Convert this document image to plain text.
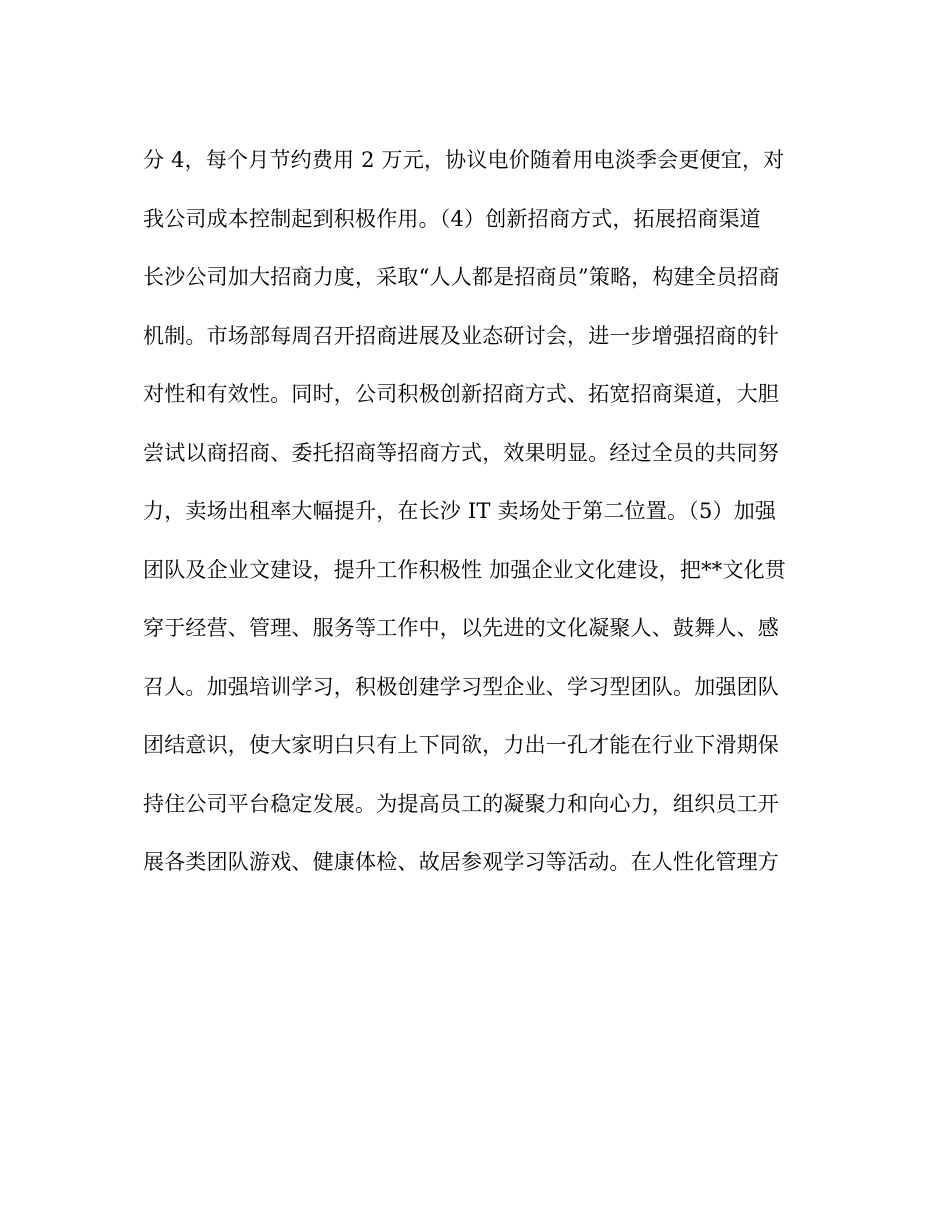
分 4，每个月节约费用 2 万元，协议电价随着用电淡季会更便宜，对
我公司成本控制起到积极作用。（4）创新招商方式，拓展招商渠道
长沙公司加大招商力度，采取“人人都是招商员”策略，构建全员招商
机制。市场部每周召开招商进展及业态研讨会，进一步增强招商的针
对性和有效性。同时，公司积极创新招商方式、拓宽招商渠道，大胆
尝试以商招商、委托招商等招商方式，效果明显。经过全员的共同努
力，卖场出租率大幅提升，在长沙 IT 卖场处于第二位置。（5）加强
团队及企业文建设，提升工作积极性 加强企业文化建设，把**文化贯
穿于经营、管理、服务等工作中，以先进的文化凝聚人、鼓舞人、感
召人。加强培训学习，积极创建学习型企业、学习型团队。加强团队
团结意识，使大家明白只有上下同欲，力出一孔才能在行业下滑期保
持住公司平台稳定发展。为提高员工的凝聚力和向心力，组织员工开
展各类团队游戏、健康体检、故居参观学习等活动。在人性化管理方
